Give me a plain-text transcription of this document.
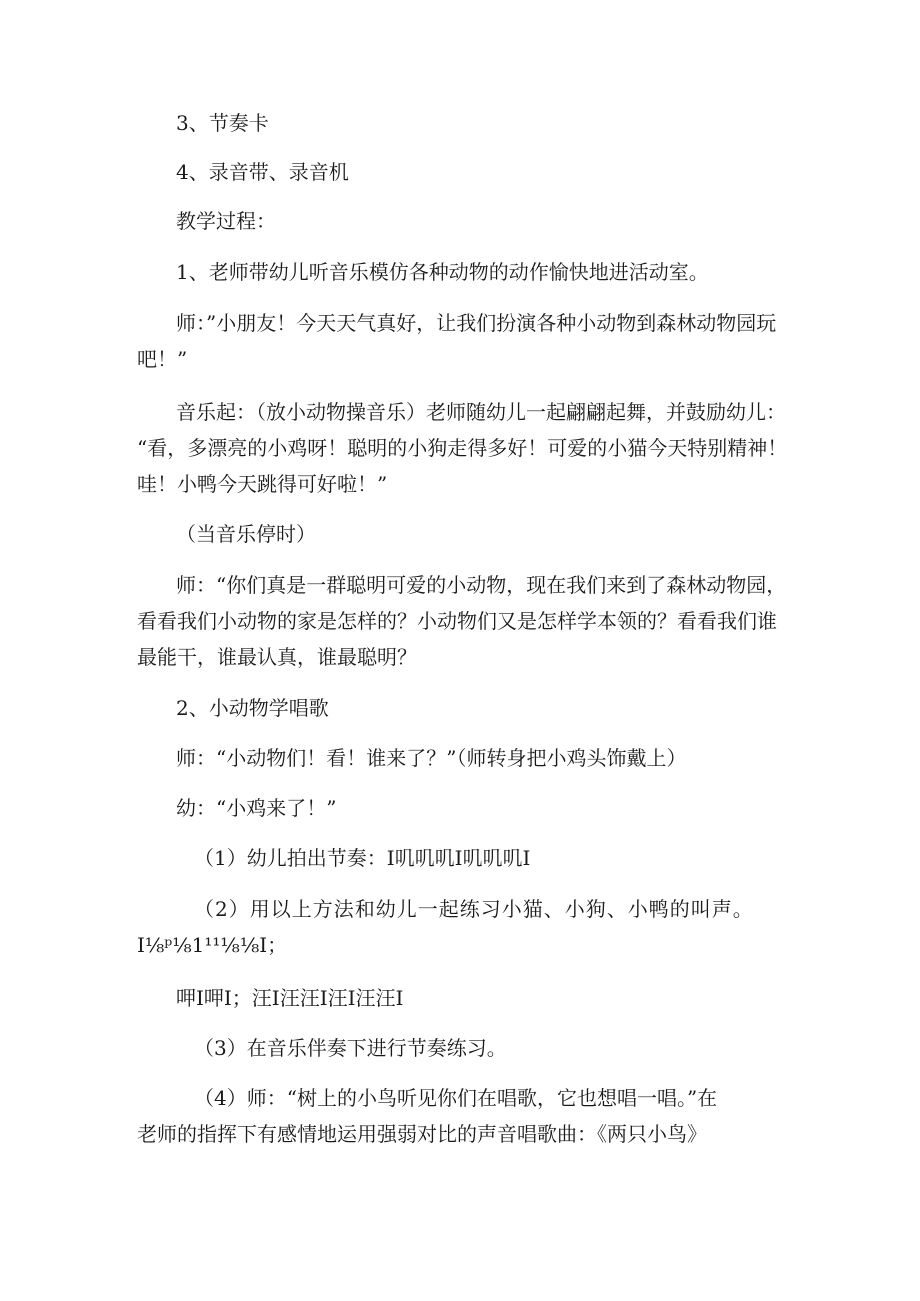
3、节奏卡
4、录音带、录音机
教学过程：
1、老师带幼儿听音乐模仿各种动物的动作愉快地进活动室。
师：”小朋友！今天天气真好，让我们扮演各种小动物到森林动物园玩
吧！”
音乐起：（放小动物操音乐）老师随幼儿一起翩翩起舞，并鼓励幼儿：
“看，多漂亮的小鸡呀！聪明的小狗走得多好！可爱的小猫今天特别精神！
哇！小鸭今天跳得可好啦！”
（当音乐停时）
师：“你们真是一群聪明可爱的小动物，现在我们来到了森林动物园，
看看我们小动物的家是怎样的？小动物们又是怎样学本领的？看看我们谁
最能干，谁最认真，谁最聪明？
2、小动物学唱歌
师：“小动物们！看！谁来了？”（师转身把小鸡头饰戴上）
幼：“小鸡来了！”
（1）幼儿拍出节奏：I叽叽叽I叽叽叽I
（2）用以上方法和幼儿一起练习小猫、小狗、小鸭的叫声。
I⅛ᵖ⅛1¹¹⅛⅛I；
呷I呷I；汪I汪汪I汪I汪汪I
（3）在音乐伴奏下进行节奏练习。
（4）师：“树上的小鸟听见你们在唱歌，它也想唱一唱。”在
老师的指挥下有感情地运用强弱对比的声音唱歌曲：《两只小鸟》
